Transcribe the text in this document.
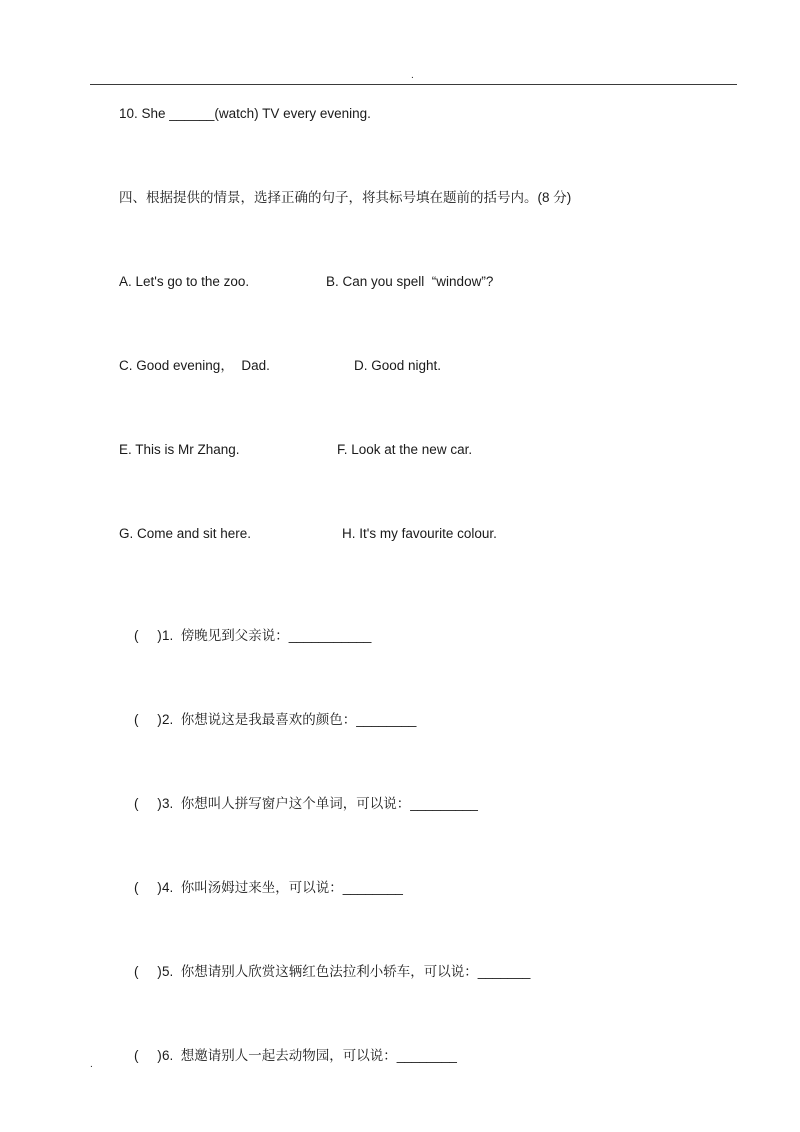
.
10. She ______(watch) TV every evening.
四、根据提供的情景，选择正确的句子，将其标号填在题前的括号内。(8 分)
A. Let's go to the zoo.	B. Can you spell  “window”?
C. Good evening，  Dad.	D. Good night.
E. This is Mr Zhang.	F. Look at the new car.
G. Come and sit here.	H. It's my favourite colour.

(     )1.  傍晚见到父亲说：___________

(     )2.  你想说这是我最喜欢的颜色：________

(     )3.  你想叫人拼写窗户这个单词，可以说：_________

(     )4.  你叫汤姆过来坐，可以说：________

(     )5.  你想请别人欣赏这辆红色法拉利小轿车，可以说：_______

(     )6.  想邀请别人一起去动物园，可以说：________

.
